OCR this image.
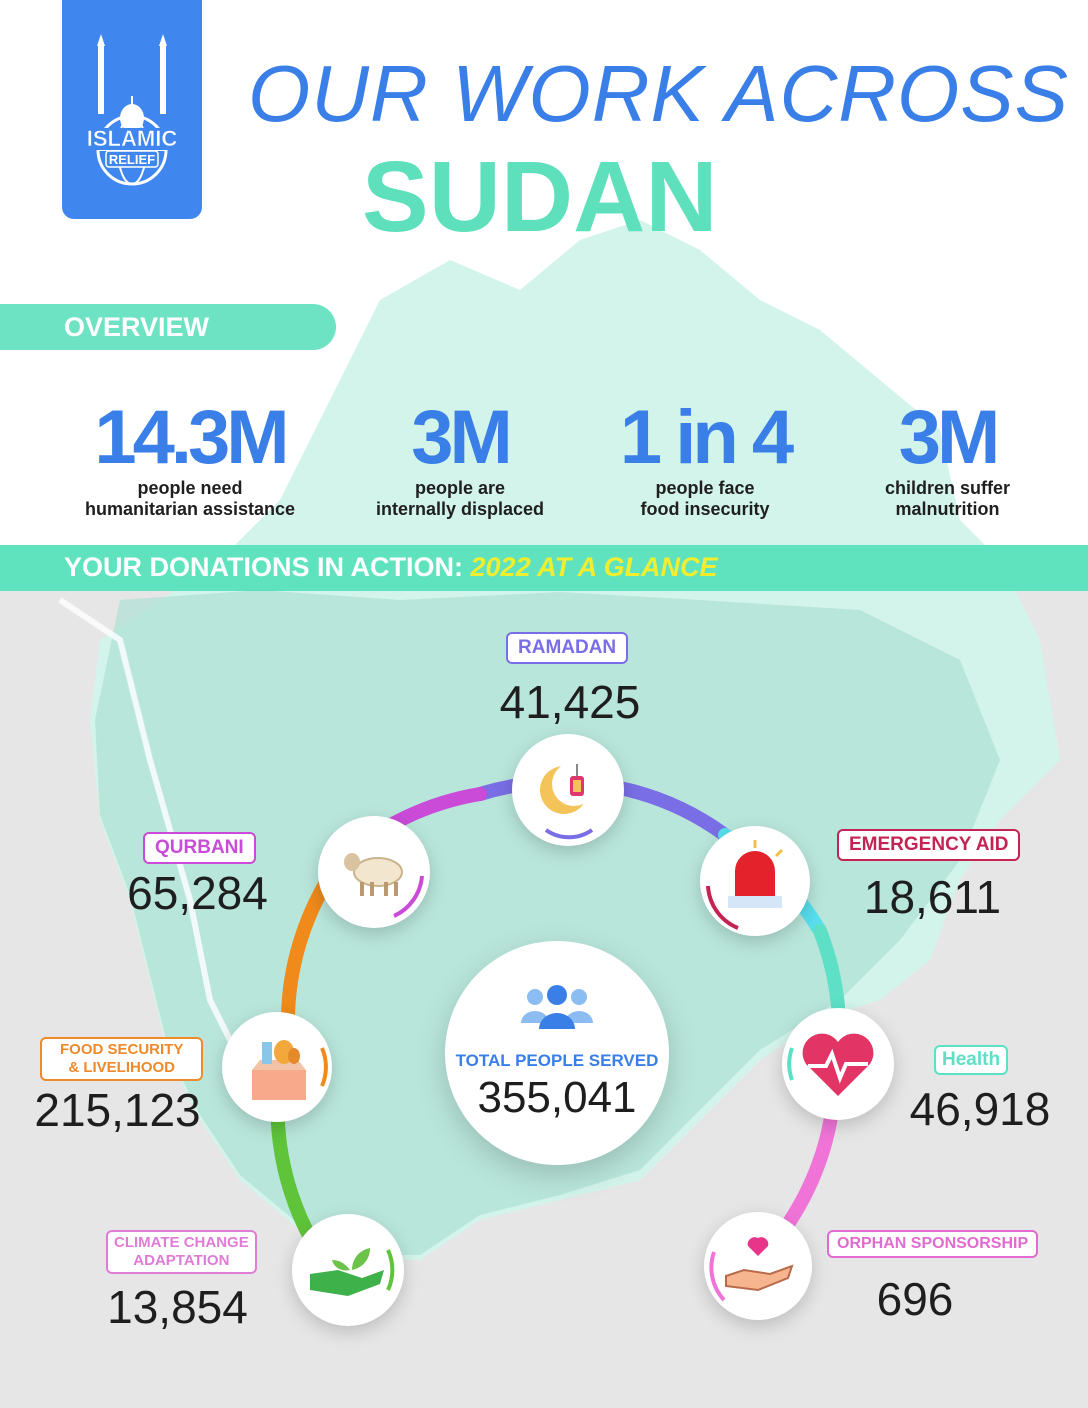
ISLAMIC
RELIEF
OUR WORK ACROSS
SUDAN
OVERVIEW
14.3M
people need
humanitarian assistance
3M
people are
internally displaced
1 in 4
people face
food insecurity
3M
children suffer
malnutrition
YOUR DONATIONS IN ACTION: 2022 AT A GLANCE
RAMADAN
41,425
EMERGENCY AID
18,611
Health
46,918
ORPHAN SPONSORSHIP
696
CLIMATE CHANGE
ADAPTATION
13,854
FOOD SECURITY
& LIVELIHOOD
215,123
QURBANI
65,284
TOTAL PEOPLE SERVED
355,041
